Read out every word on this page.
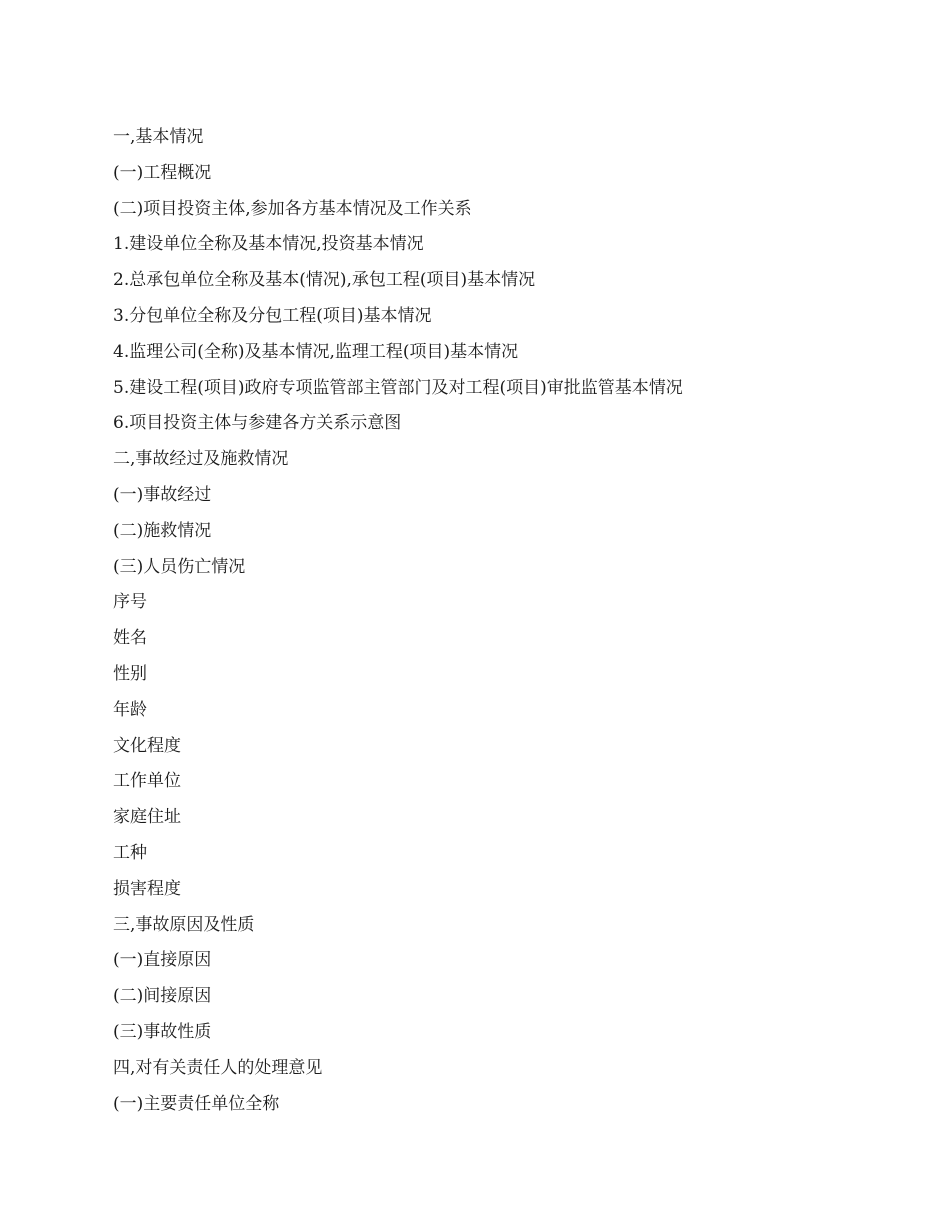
一,基本情况
(一)工程概况
(二)项目投资主体,参加各方基本情况及工作关系
1.建设单位全称及基本情况,投资基本情况
2.总承包单位全称及基本(情况),承包工程(项目)基本情况
3.分包单位全称及分包工程(项目)基本情况
4.监理公司(全称)及基本情况,监理工程(项目)基本情况
5.建设工程(项目)政府专项监管部主管部门及对工程(项目)审批监管基本情况
6.项目投资主体与参建各方关系示意图
二,事故经过及施救情况
(一)事故经过
(二)施救情况
(三)人员伤亡情况
序号
姓名
性别
年龄
文化程度
工作单位
家庭住址
工种
损害程度
三,事故原因及性质
(一)直接原因
(二)间接原因
(三)事故性质
四,对有关责任人的处理意见
(一)主要责任单位全称
